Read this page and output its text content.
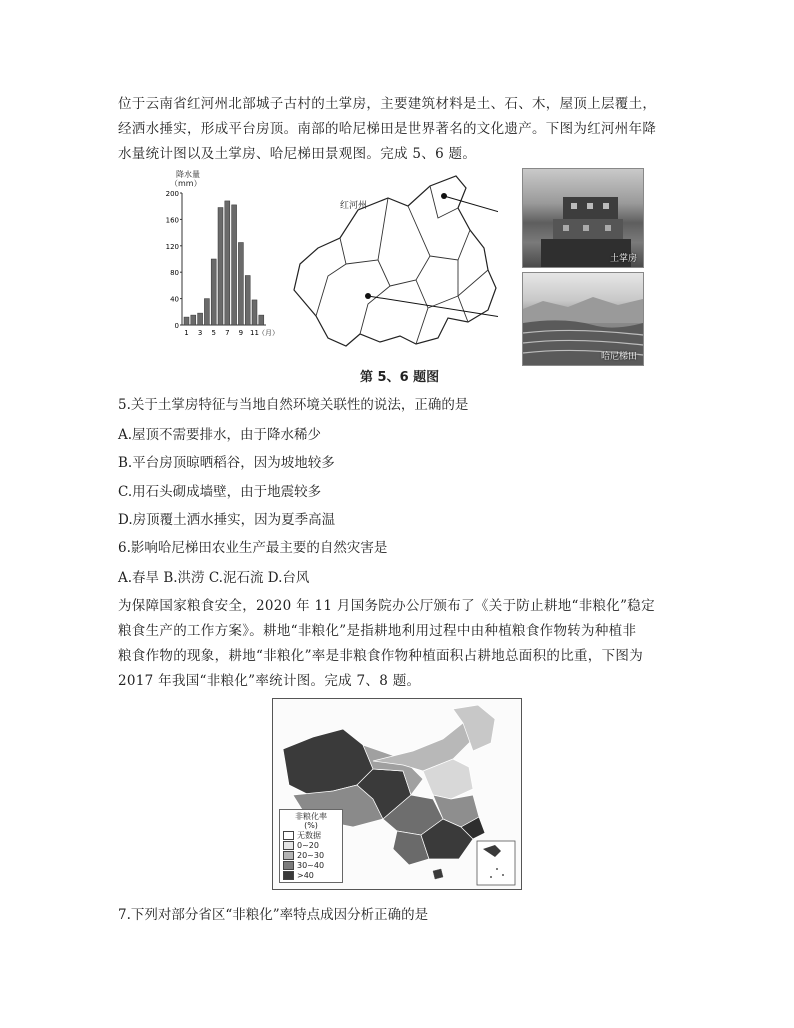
位于云南省红河州北部城子古村的土掌房，主要建筑材料是土、石、木，屋顶上层覆土，
经洒水捶实，形成平台房顶。南部的哈尼梯田是世界著名的文化遗产。下图为红河州年降
水量统计图以及土掌房、哈尼梯田景观图。完成 5、6 题。
降水量
（mm）
0
40
80
120
160
200
1 3 5 7 9 11 （月）
红河州
土掌房
哈尼梯田
第 5、6 题图
5.关于土掌房特征与当地自然环境关联性的说法，正确的是
A.屋顶不需要排水，由于降水稀少
B.平台房顶晾晒稻谷，因为坡地较多
C.用石头砌成墙壁，由于地震较多
D.房顶覆土洒水捶实，因为夏季高温
6.影响哈尼梯田农业生产最主要的自然灾害是
A.春旱 B.洪涝 C.泥石流 D.台风
为保障国家粮食安全，2020 年 11 月国务院办公厅颁布了《关于防止耕地“非粮化”稳定
粮食生产的工作方案》。耕地“非粮化”是指耕地利用过程中由种植粮食作物转为种植非
粮食作物的现象，耕地“非粮化”率是非粮食作物种植面积占耕地总面积的比重，下图为
2017 年我国“非粮化”率统计图。完成 7、8 题。
非粮化率
(%)
无数据
0~20
20~30
30~40
>40
7.下列对部分省区“非粮化”率特点成因分析正确的是
